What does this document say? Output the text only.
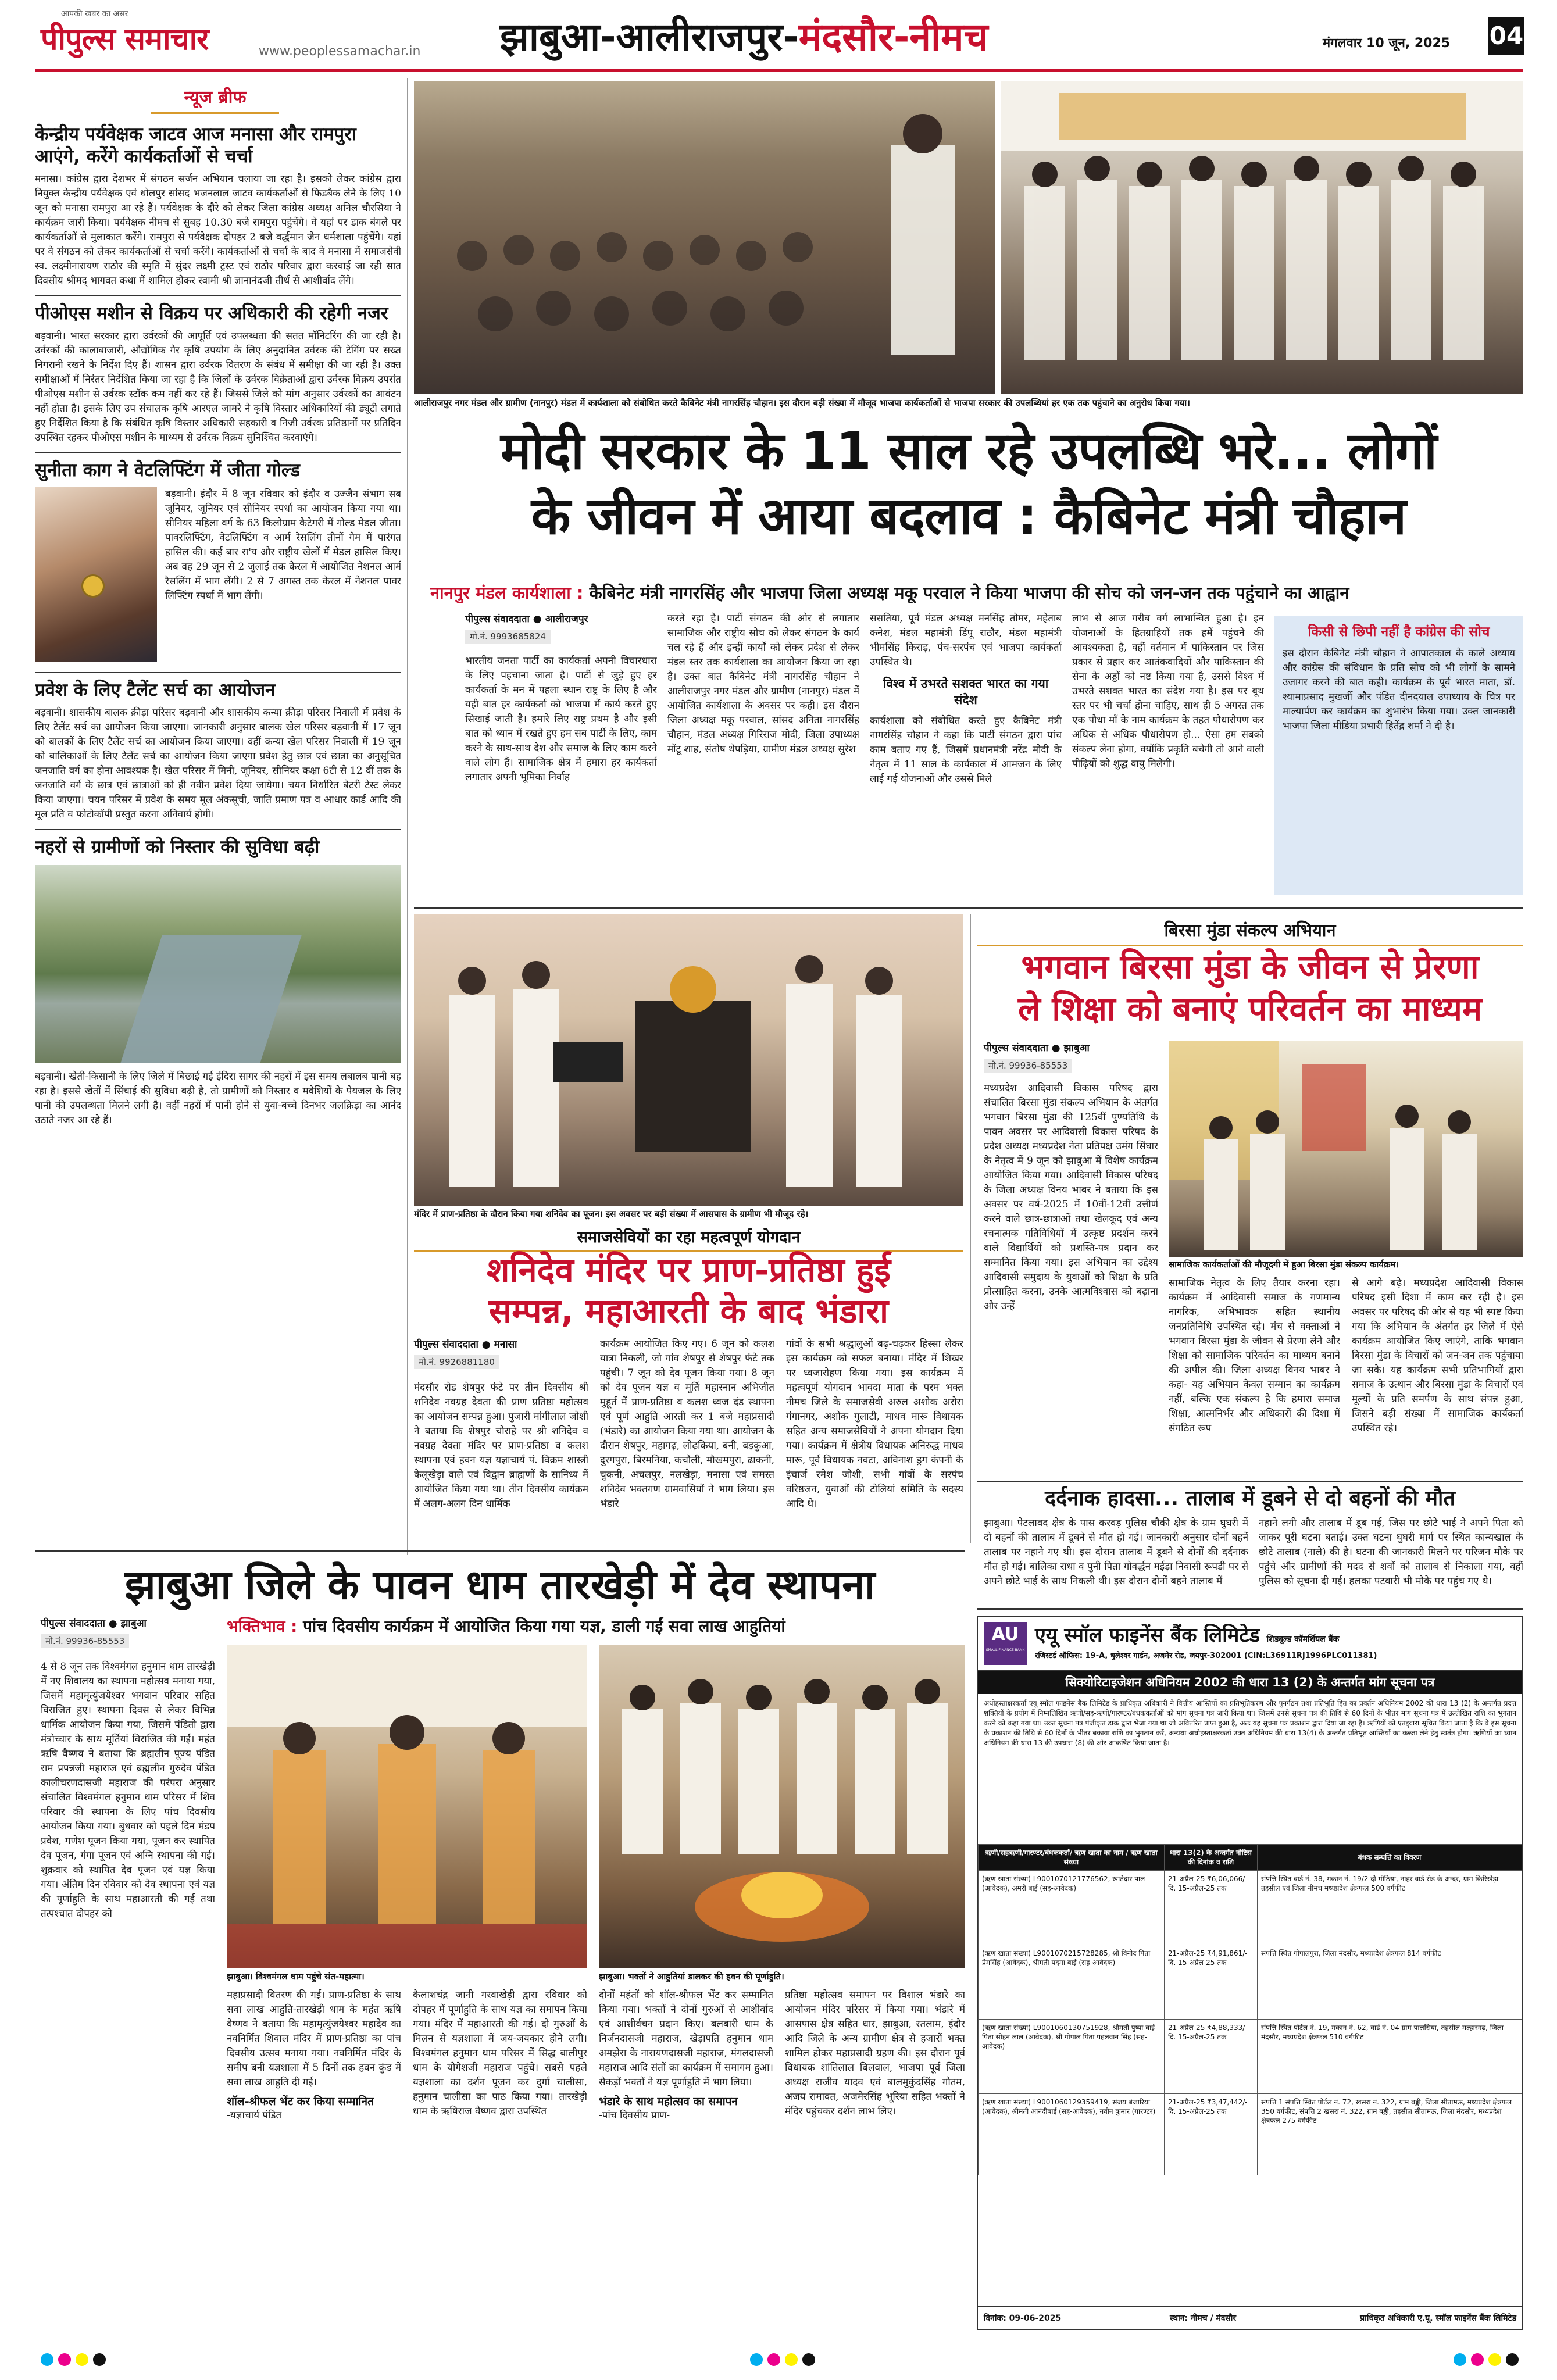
आपकी खबर का असर
पीपुल्स समाचार	www.peoplessamachar.in झाबुआ-आलीराजपुर-मंदसौर-नीमच	मंगलवार 10 जून, 2025 04
न्यूज ब्रीफ
केन्द्रीय पर्यवेक्षक जाटव आज मनासा और रामपुरा आएंगे, करेंगे कार्यकर्ताओं से चर्चा
मनासा। कांग्रेस द्वारा देशभर में संगठन सर्जन अभियान चलाया जा रहा है। इसको लेकर कांग्रेस द्वारा नियुक्त केन्द्रीय पर्यवेक्षक एवं धोलपुर सांसद भजनलाल जाटव कार्यकर्ताओं से फिडबैक लेने के लिए 10 जून को मनासा रामपुरा आ रहे हैं। पर्यवेक्षक के दौरे को लेकर जिला कांग्रेस अध्यक्ष अनिल चौरसिया ने कार्यक्रम जारी किया। पर्यवेक्षक नीमच से सुबह 10.30 बजे रामपुरा पहुंचेंगे। वे यहां पर डाक बंगले पर कार्यकर्ताओं से मुलाकात करेंगे। रामपुरा से पर्यवेक्षक दोपहर 2 बजे वर्द्धमान जैन धर्मशाला पहुंचेंगे। यहां पर वे संगठन को लेकर कार्यकर्ताओं से चर्चा करेंगे। कार्यकर्ताओं से चर्चा के बाद वे मनासा में समाजसेवी स्व. लक्ष्मीनारायण राठौर की स्मृति में सुंदर लक्ष्मी ट्रस्ट एवं राठौर परिवार द्वारा करवाई जा रही सात दिवसीय श्रीमद् भागवत कथा में शामिल होकर स्वामी श्री ज्ञानानंदजी तीर्थ से आशीर्वाद लेंगे।
पीओएस मशीन से विक्रय पर अधिकारी की रहेगी नजर
बड़वानी। भारत सरकार द्वारा उर्वरकों की आपूर्ति एवं उपलब्धता की सतत मॉनिटरिंग की जा रही है। उर्वरकों की कालाबाजारी, औद्योगिक गैर कृषि उपयोग के लिए अनुदानित उर्वरक की टेगिंग पर सख्त निगरानी रखने के निर्देश दिए हैं। शासन द्वारा उर्वरक वितरण के संबंध में समीक्षा की जा रही है। उक्त समीक्षाओं में निरंतर निर्देशित किया जा रहा है कि जिलों के उर्वरक विक्रेताओं द्वारा उर्वरक विक्रय उपरांत पीओएस मशीन से उर्वरक स्टॉक कम नहीं कर रहे हैं। जिससे जिले को मांग अनुसार उर्वरकों का आवंटन नहीं होता है। इसके लिए उप संचालक कृषि आरएल जामरे ने कृषि विस्तार अधिकारियों की ड्यूटी लगाते हुए निर्देशित किया है कि संबंधित कृषि विस्तार अधिकारी सहकारी व निजी उर्वरक प्रतिष्ठानों पर प्रतिदिन उपस्थित रहकर पीओएस मशीन के माध्यम से उर्वरक विक्रय सुनिश्चित करवाएंगे।
सुनीता काग ने वेटलिफ्टिंग में जीता गोल्ड
बड़वानी। इंदौर में 8 जून रविवार को इंदौर व उज्जैन संभाग सब जूनियर, जूनियर एवं सीनियर स्पर्धा का आयोजन किया गया था। सीनियर महिला वर्ग के 63 किलोग्राम कैटेगरी में गोल्ड मेडल जीता। पावरलिफ्टिंग, वेटलिफ्टिंग व आर्म रेसलिंग तीनों गेम में पारंगत हासिल की। कई बार रा'य और राष्ट्रीय खेलों में मेडल हासिल किए। अब वह 29 जून से 2 जुलाई तक केरल में आयोजित नेशनल आर्म रैसलिंग में भाग लेंगी। 2 से 7 अगस्त तक केरल में नेशनल पावर लिफ्टिंग स्पर्धा में भाग लेंगी।
प्रवेश के लिए टैलेंट सर्च का आयोजन
बड़वानी। शासकीय बालक क्रीड़ा परिसर बड़वानी और शासकीय कन्या क्रीड़ा परिसर निवाली में प्रवेश के लिए टैलेंट सर्च का आयोजन किया जाएगा। जानकारी अनुसार बालक खेल परिसर बड़वानी में 17 जून को बालकों के लिए टैलेंट सर्च का आयोजन किया जाएगा। वहीं कन्या खेल परिसर निवाली में 19 जून को बालिकाओं के लिए टैलेंट सर्च का आयोजन किया जाएगा प्रवेश हेतु छात्र एवं छात्रा का अनुसूचित जनजाति वर्ग का होना आवश्यक है। खेल परिसर में मिनी, जूनियर, सीनियर कक्षा 6टी से 12 वीं तक के जनजाति वर्ग के छात्र एवं छात्राओं को ही नवीन प्रवेश दिया जायेगा। चयन निर्धारित बैटरी टेस्ट लेकर किया जाएगा। चयन परिसर में प्रवेश के समय मूल अंकसूची, जाति प्रमाण पत्र व आधार कार्ड आदि की मूल प्रति व फोटोकॉपी प्रस्तुत करना अनिवार्य होगी।
नहरों से ग्रामीणों को निस्तार की सुविधा बढ़ी
बड़वानी। खेती-किसानी के लिए जिले में बिछाई गई इंदिरा सागर की नहरों में इस समय लबालब पानी बह रहा है। इससे खेतों में सिंचाई की सुविधा बढ़ी है, तो ग्रामीणों को निस्तार व मवेशियों के पेयजल के लिए पानी की उपलब्धता मिलने लगी है। वहीं नहरों में पानी होने से युवा-बच्चे दिनभर जलक्रिड़ा का आनंद उठाते नजर आ रहे हैं।
आलीराजपुर नगर मंडल और ग्रामीण (नानपुर) मंडल में कार्यशाला को संबोधित करते कैबिनेट मंत्री नागरसिंह चौहान। इस दौरान बड़ी संख्या में मौजूद भाजपा कार्यकर्ताओं से भाजपा सरकार की उपलब्धियां हर एक तक पहुंचाने का अनुरोध किया गया।
मोदी सरकार के 11 साल रहे उपलब्धि भरे... लोगों
के जीवन में आया बदलाव : कैबिनेट मंत्री चौहान
नानपुर मंडल कार्यशाला : कैबिनेट मंत्री नागरसिंह और भाजपा जिला अध्यक्ष मकू परवाल ने किया भाजपा की सोच को जन-जन तक पहुंचाने का आह्वान
पीपुल्स संवाददाता ● आलीराजपुर
मो.नं. 9993685824
भारतीय जनता पार्टी का कार्यकर्ता अपनी विचारधारा के लिए पहचाना जाता है। पार्टी से जुड़े हुए हर कार्यकर्ता के मन में पहला स्थान राष्ट्र के लिए है और यही बात हर कार्यकर्ता को भाजपा में कार्य करते हुए सिखाई जाती है। हमारे लिए राष्ट्र प्रथम है और इसी बात को ध्यान में रखते हुए हम सब पार्टी के लिए, काम करने के साथ-साथ देश और समाज के लिए काम करने वाले लोग हैं। सामाजिक क्षेत्र में हमारा हर कार्यकर्ता लगातार अपनी भूमिका निर्वाह
करते रहा है। पार्टी संगठन की ओर से लगातार सामाजिक और राष्ट्रीय सोच को लेकर संगठन के कार्य चल रहे हैं और इन्हीं कार्यों को लेकर प्रदेश से लेकर मंडल स्तर तक कार्यशाला का आयोजन किया जा रहा है। उक्त बात कैबिनेट मंत्री नागरसिंह चौहान ने आलीराजपुर नगर मंडल और ग्रामीण (नानपुर) मंडल में आयोजित कार्यशाला के अवसर पर कही। इस दौरान जिला अध्यक्ष मकू परवाल, सांसद अनिता नागरसिंह चौहान, मंडल अध्यक्ष गिरिराज मोदी, जिला उपाध्यक्ष मोंटू शाह, संतोष थेपड़िया, ग्रामीण मंडल अध्यक्ष सुरेश
ससतिया, पूर्व मंडल अध्यक्ष मनसिंह तोमर, महेताब कनेश, मंडल महामंत्री डिंपू राठौर, मंडल महामंत्री भीमसिंह किराड़, पंच-सरपंच एवं भाजपा कार्यकर्ता उपस्थित थे।
विश्व में उभरते सशक्त भारत का गया संदेश
कार्यशाला को संबोधित करते हुए कैबिनेट मंत्री नागरसिंह चौहान ने कहा कि पार्टी संगठन द्वारा पांच काम बताए गए हैं, जिसमें प्रधानमंत्री नरेंद्र मोदी के नेतृत्व में 11 साल के कार्यकाल में आमजन के लिए लाई गई योजनाओं और उससे मिले
लाभ से आज गरीब वर्ग लाभान्वित हुआ है। इन योजनाओं के हितग्राहियों तक हमें पहुंचने की आवश्यकता है, वहीं वर्तमान में पाकिस्तान पर जिस प्रकार से प्रहार कर आतंकवादियों और पाकिस्तान की सेना के अड्डों को नष्ट किया गया है, उससे विश्व में उभरते सशक्त भारत का संदेश गया है। इस पर बूथ स्तर पर भी चर्चा होना चाहिए, साथ ही 5 अगस्त तक एक पौधा माँ के नाम कार्यक्रम के तहत पौधारोपण कर अधिक से अधिक पौधारोपण हो... ऐसा हम सबको संकल्प लेना होगा, क्योंकि प्रकृति बचेगी तो आने वाली पीढ़ियों को शुद्ध वायु मिलेगी।
किसी से छिपी नहीं है कांग्रेस की सोच
इस दौरान कैबिनेट मंत्री चौहान ने आपातकाल के काले अध्याय और कांग्रेस की संविधान के प्रति सोच को भी लोगों के सामने उजागर करने की बात कही। कार्यक्रम के पूर्व भारत माता, डॉ. श्यामाप्रसाद मुखर्जी और पंडित दीनदयाल उपाध्याय के चित्र पर माल्यार्पण कर कार्यक्रम का शुभारंभ किया गया। उक्त जानकारी भाजपा जिला मीडिया प्रभारी हितेंद्र शर्मा ने दी है।
मंदिर में प्राण-प्रतिष्ठा के दौरान किया गया शनिदेव का पूजन। इस अवसर पर बड़ी संख्या में आसपास के ग्रामीण भी मौजूद रहे।
समाजसेवियों का रहा महत्वपूर्ण योगदान
शनिदेव मंदिर पर प्राण-प्रतिष्ठा हुई
सम्पन्न, महाआरती के बाद भंडारा
पीपुल्स संवाददाता ● मनासा
मो.नं. 9926881180
मंदसौर रोड शेषपुर फंटे पर तीन दिवसीय श्री शनिदेव नवग्रह देवता की प्राण प्रतिष्ठा महोत्सव का आयोजन सम्पन्न हुआ। पुजारी मांगीलाल जोशी ने बताया कि शेषपुर चौराहे पर श्री शनिदेव व नवग्रह देवता मंदिर पर प्राण-प्रतिष्ठा व कलश स्थापना एवं हवन यज्ञ यज्ञाचार्य पं. विक्रम शास्त्री केलूखेड़ा वाले एवं विद्वान ब्राह्मणों के सानिध्य में आयोजित किया गया था। तीन दिवसीय कार्यक्रम में अलग-अलग दिन धार्मिक
कार्यक्रम आयोजित किए गए। 6 जून को कलश यात्रा निकली, जो गांव शेषपुर से शेषपुर फंटे तक पहुंची। 7 जून को देव पूजन किया गया। 8 जून को देव पूजन यज्ञ व मूर्ति महास्नान अभिजीत मुहूर्त में प्राण-प्रतिष्ठा व कलश ध्वज दंड स्थापना एवं पूर्ण आहुति आरती कर 1 बजे महाप्रसादी (भंडारे) का आयोजन किया गया था। आयोजन के दौरान शेषपुर, महागढ़, लोढ़किया, बनी, बड़कुआ, दुरगपुरा, बिरमनिया, कचौली, मौखमपुरा, ढाकनी, चुकनी, अचलपुर, नलखेड़ा, मनासा एवं समस्त शनिदेव भक्तगण ग्रामवासियों ने भाग लिया। इस भंडारे
गांवों के सभी श्रद्धालुओं बढ़-चढ़कर हिस्सा लेकर इस कार्यक्रम को सफल बनाया। मंदिर में शिखर पर ध्वजारोहण किया गया। इस कार्यक्रम में महत्वपूर्ण योगदान भावदा माता के परम भक्त नीमच जिले के समाजसेवी अरुल अशोक अरोरा गंगानगर, अशोक गुलाटी, माधव मारू विधायक सहित अन्य समाजसेवियों ने अपना योगदान दिया गया। कार्यक्रम में क्षेत्रीय विधायक अनिरुद्ध माधव मारू, पूर्व विधायक नवटा, अविनाश ड्रग कंपनी के इंचार्ज रमेश जोशी, सभी गांवों के सरपंच वरिष्ठजन, युवाओं की टोलियां समिति के सदस्य आदि थे।
बिरसा मुंडा संकल्प अभियान
भगवान बिरसा मुंडा के जीवन से प्रेरणा
ले शिक्षा को बनाएं परिवर्तन का माध्यम
पीपुल्स संवाददाता ● झाबुआ
मो.नं. 99936-85553
सामाजिक कार्यकर्ताओं की मौजूदगी में हुआ बिरसा मुंडा संकल्प कार्यक्रम।
मध्यप्रदेश आदिवासी विकास परिषद द्वारा संचालित बिरसा मुंडा संकल्प अभियान के अंतर्गत भगवान बिरसा मुंडा की 125वीं पुण्यतिथि के पावन अवसर पर आदिवासी विकास परिषद के प्रदेश अध्यक्ष मध्यप्रदेश नेता प्रतिपक्ष उमंग सिंघार के नेतृत्व में 9 जून को झाबुआ में विशेष कार्यक्रम आयोजित किया गया। आदिवासी विकास परिषद के जिला अध्यक्ष विनय भाबर ने बताया कि इस अवसर पर वर्ष-2025 में 10वीं-12वीं उत्तीर्ण करने वाले छात्र-छात्राओं तथा खेलकूद एवं अन्य रचनात्मक गतिविधियों में उत्कृष्ट प्रदर्शन करने वाले विद्यार्थियों को प्रशस्ति-पत्र प्रदान कर सम्मानित किया गया। इस अभियान का उद्देश्य आदिवासी समुदाय के युवाओं को शिक्षा के प्रति प्रोत्साहित करना, उनके आत्मविश्वास को बढ़ाना और उन्हें
सामाजिक नेतृत्व के लिए तैयार करना रहा। कार्यक्रम में आदिवासी समाज के गणमान्य नागरिक, अभिभावक सहित स्थानीय जनप्रतिनिधि उपस्थित रहे। मंच से वक्ताओं ने भगवान बिरसा मुंडा के जीवन से प्रेरणा लेने और शिक्षा को सामाजिक परिवर्तन का माध्यम बनाने की अपील की। जिला अध्यक्ष विनय भाबर ने कहा- यह अभियान केवल सम्मान का कार्यक्रम नहीं, बल्कि एक संकल्प है कि हमारा समाज शिक्षा, आत्मनिर्भर और अधिकारों की दिशा में संगठित रूप
से आगे बढ़े। मध्यप्रदेश आदिवासी विकास परिषद इसी दिशा में काम कर रही है। इस अवसर पर परिषद की ओर से यह भी स्पष्ट किया गया कि अभियान के अंतर्गत हर जिले में ऐसे कार्यक्रम आयोजित किए जाएंगे, ताकि भगवान बिरसा मुंडा के विचारों को जन-जन तक पहुंचाया जा सके। यह कार्यक्रम सभी प्रतिभागियों द्वारा समाज के उत्थान और बिरसा मुंडा के विचारों एवं मूल्यों के प्रति समर्पण के साथ संपन्न हुआ, जिसने बड़ी संख्या में सामाजिक कार्यकर्ता उपस्थित रहे।
दर्दनाक हादसा... तालाब में डूबने से दो बहनों की मौत
झाबुआ। पेटलावद क्षेत्र के पास करवड़ पुलिस चौकी क्षेत्र के ग्राम घुघरी में दो बहनों की तालाब में डूबने से मौत हो गई। जानकारी अनुसार दोनों बहनें तालाब पर नहाने गए थी। इस दौरान तालाब में डूबने से दोनों की दर्दनाक मौत हो गई। बालिका राधा व पुनी पिता गोवर्द्धन मईड़ा निवासी रूपडी घर से अपने छोटे भाई के साथ निकली थी। इस दौरान दोनों बहने तालाब में
नहाने लगी और तालाब में डूब गई, जिस पर छोटे भाई ने अपने पिता को जाकर पूरी घटना बताई। उक्त घटना घुघरी मार्ग पर स्थित कान्यखाल के छोटे तालाब (नाले) की है। घटना की जानकारी मिलने पर परिजन मौके पर पहुंचे और ग्रामीणों की मदद से शवों को तालाब से निकाला गया, वहीं पुलिस को सूचना दी गई। हलका पटवारी भी मौके पर पहुंच गए थे।
झाबुआ जिले के पावन धाम तारखेड़ी में देव स्थापना
पीपुल्स संवाददाता ● झाबुआ
मो.नं. 99936-85553
भक्तिभाव : पांच दिवसीय कार्यक्रम में आयोजित किया गया यज्ञ, डाली गईं सवा लाख आहुतियां
4 से 8 जून तक विश्वमंगल हनुमान धाम तारखेड़ी में नए शिवालय का स्थापना महोत्सव मनाया गया, जिसमें महामृत्युंजयेश्वर भगवान परिवार सहित विराजित हुए। स्थापना दिवस से लेकर विभिन्न धार्मिक आयोजन किया गया, जिसमें पंडितो द्वारा मंत्रोच्चार के साथ मूर्तियां विराजित की गईं। महंत ऋषि वैष्णव ने बताया कि ब्रह्मलीन पूज्य पंडित राम प्रपन्नजी महाराज एवं ब्रह्मलीन गुरुदेव पंडित कालीचरणदासजी महाराज की परंपरा अनुसार संचालित विश्वमंगल हनुमान धाम परिसर में शिव परिवार की स्थापना के लिए पांच दिवसीय आयोजन किया गया। बुधवार को पहले दिन मंडप प्रवेश, गणेश पूजन किया गया, पूजन कर स्थापित देव पूजन, गंगा पूजन एवं अग्नि स्थापना की गई। शुक्रवार को स्थापित देव पूजन एवं यज्ञ किया गया। अंतिम दिन रविवार को देव स्थापना एवं यज्ञ की पूर्णाहुति के साथ महाआरती की गई तथा तत्पश्चात दोपहर को
झाबुआ। विश्वमंगल धाम पहुंचे संत-महात्मा।	झाबुआ। भक्तों ने आहुतियां डालकर की हवन की पूर्णाहुति।
महाप्रसादी वितरण की गई। प्राण-प्रतिष्ठा के साथ सवा लाख आहुति-तारखेड़ी धाम के महंत ऋषि वैष्णव ने बताया कि महामृत्युंजयेश्वर महादेव का नवनिर्मित शिवाल मंदिर में प्राण-प्रतिष्ठा का पांच दिवसीय उत्सव मनाया गया। नवनिर्मित मंदिर के समीप बनी यज्ञशाला में 5 दिनों तक हवन कुंड में सवा लाख आहुति दी गई।
शॉल-श्रीफल भेंट कर किया सम्मानित
-यज्ञाचार्य पंडित
कैलाशचंद्र जानी गरवाखेड़ी द्वारा रविवार को दोपहर में पूर्णाहुति के साथ यज्ञ का समापन किया गया। मंदिर में महाआरती की गई। दो गुरुओं के मिलन से यज्ञशाला में जय-जयकार होने लगी। विश्वमंगल हनुमान धाम परिसर में सिद्ध बालीपुर धाम के योगेशजी महाराज पहुंचे। सबसे पहले यज्ञशाला का दर्शन पूजन कर दुर्गा चालीसा, हनुमान चालीसा का पाठ किया गया। तारखेड़ी धाम के ऋषिराज वैष्णव द्वारा उपस्थित
दोनों महंतों को शॉल-श्रीफल भेंट कर सम्मानित किया गया। भक्तों ने दोनों गुरुओं से आशीर्वाद एवं आशीर्वचन प्रदान किए। बलबारी धाम के निर्जनदासजी महाराज, खेड़ापति हनुमान धाम अमझेरा के नारायणदासजी महाराज, मंगलदासजी महाराज आदि संतों का कार्यक्रम में समागम हुआ। सैकड़ों भक्तों ने यज्ञ पूर्णाहुति में भाग लिया।
भंडारे के साथ महोत्सव का समापन
-पांच दिवसीय प्राण-
प्रतिष्ठा महोत्सव समापन पर विशाल भंडारे का आयोजन मंदिर परिसर में किया गया। भंडारे में आसपास क्षेत्र सहित धार, झाबुआ, रतलाम, इंदौर आदि जिले के अन्य ग्रामीण क्षेत्र से हजारों भक्त शामिल होकर महाप्रसादी ग्रहण की। इस दौरान पूर्व विधायक शांतिलाल बिलवाल, भाजपा पूर्व जिला अध्यक्ष राजीव यादव एवं बालमुकुंदसिंह गौतम, अजय रामावत, अजमेरसिंह भूरिया सहित भक्तों ने मंदिर पहुंचकर दर्शन लाभ लिए।
AU
SMALL FINANCE BANK
एयू स्मॉल फाइनेंस बैंक लिमिटेड शिड्यूल्ड कॉमर्शियल बैंक
रजिस्टर्ड ऑफिस: 19-A, धुलेश्वर गार्डन, अजमेर रोड, जयपुर-302001 (CIN:L36911RJ1996PLC011381)
सिक्योरिटाइजेशन अधिनियम 2002 की धारा 13 (2) के अन्तर्गत मांग सूचना पत्र
अधोहस्ताक्षरकर्ता एयू स्मॉल फाइनेंस बैंक लिमिटेड के प्राधिकृत अधिकारी ने वित्तीय आस्तियों का प्रतिभूतिकरण और पुनर्गठन तथा प्रतिभूति हित का प्रवर्तन अधिनियम 2002 की धारा 13 (2) के अन्तर्गत प्रदत्त शक्तियों के प्रयोग में निम्नलिखित ऋणी/सह-ऋणी/गारण्टर/बंधककर्ताओं को मांग सूचना पत्र जारी किया था। जिसमें उनसे सूचना पत्र की तिथि से 60 दिनों के भीतर मांग सूचना पत्र में उल्लेखित राशि का भुगतान करने को कहा गया था। उक्त सूचना पत्र पंजीकृत डाक द्वारा भेजा गया था जो अवितरित प्राप्त हुआ है, अतः यह सूचना पत्र प्रकाशन द्वारा दिया जा रहा है। ऋणियों को एतद्द्वारा सूचित किया जाता है कि वे इस सूचना के प्रकाशन की तिथि से 60 दिनों के भीतर बकाया राशि का भुगतान करें, अन्यथा अधोहस्ताक्षरकर्ता उक्त अधिनियम की धारा 13(4) के अन्तर्गत प्रतिभूत आस्तियों का कब्जा लेने हेतु स्वतंत्र होगा। ऋणियों का ध्यान अधिनियम की धारा 13 की उपधारा (8) की ओर आकर्षित किया जाता है।
ऋणी/सहऋणी/गारण्टर/बंधककर्ता/ ऋण खाता का नाम / ऋण खाता संख्या	धारा 13(2) के अन्तर्गत नोटिस की दिनांक व राशि	बंधक सम्पत्ति का विवरण
(ऋण खाता संख्या) L9001070121776562, खातेदार पाल (आवेदक), अमरी बाई (सह-आवेदक)	21-अप्रैल-25 ₹6,06,066/- दि. 15-अप्रैल-25 तक	संपत्ति स्थित वार्ड नं. 38, मकान नं. 19/2 दी मीठिया, नाहर वार्ड रोड के अन्दर, ग्राम किरिखेड़ा तहसील एवं जिला नीमच मध्यप्रदेश क्षेत्रफल 500 वर्गफीट
(ऋण खाता संख्या) L9001070215728285, श्री विनोद पिता प्रेमसिंह (आवेदक), श्रीमती पदमा बाई (सह-आवेदक)	21-अप्रैल-25 ₹4,91,861/- दि. 15-अप्रैल-25 तक	संपत्ति स्थित गोपालपुरा, जिला मंदसौर, मध्यप्रदेश क्षेत्रफल 814 वर्गफीट
(ऋण खाता संख्या) L9001060130751928, श्रीमती पुष्पा बाई पिता सोहन लाल (आवेदक), श्री गोपाल पिता पहलवान सिंह (सह-आवेदक)	21-अप्रैल-25 ₹4,88,333/- दि. 15-अप्रैल-25 तक	संपत्ति स्थित पोर्टल नं. 19, मकान नं. 62, वार्ड नं. 04 ग्राम पालसिया, तहसील मल्हारगढ़, जिला मंदसौर, मध्यप्रदेश क्षेत्रफल 510 वर्गफीट
(ऋण खाता संख्या) L9001060129359419, संजय बंजारिया (आवेदक), श्रीमती आनंदीबाई (सह-आवेदक), नवीन कुमार (गारण्टर)	21-अप्रैल-25 ₹3,47,442/- दि. 15-अप्रैल-25 तक	संपत्ति 1 संपत्ति स्थित पोर्टल नं. 72, खसरा नं. 322, ग्राम बड्डी, जिला सीतामऊ, मध्यप्रदेश क्षेत्रफल 350 वर्गफीट, संपत्ति 2 खसरा नं. 322, ग्राम बड्डी, तहसील सीतामऊ, जिला मंदसौर, मध्यप्रदेश क्षेत्रफल 275 वर्गफीट
दिनांक: 09-06-2025	स्थान: नीमच / मंदसौर	प्राधिकृत अधिकारी ए.यू. स्मॉल फाइनेंस बैंक लिमिटेड
